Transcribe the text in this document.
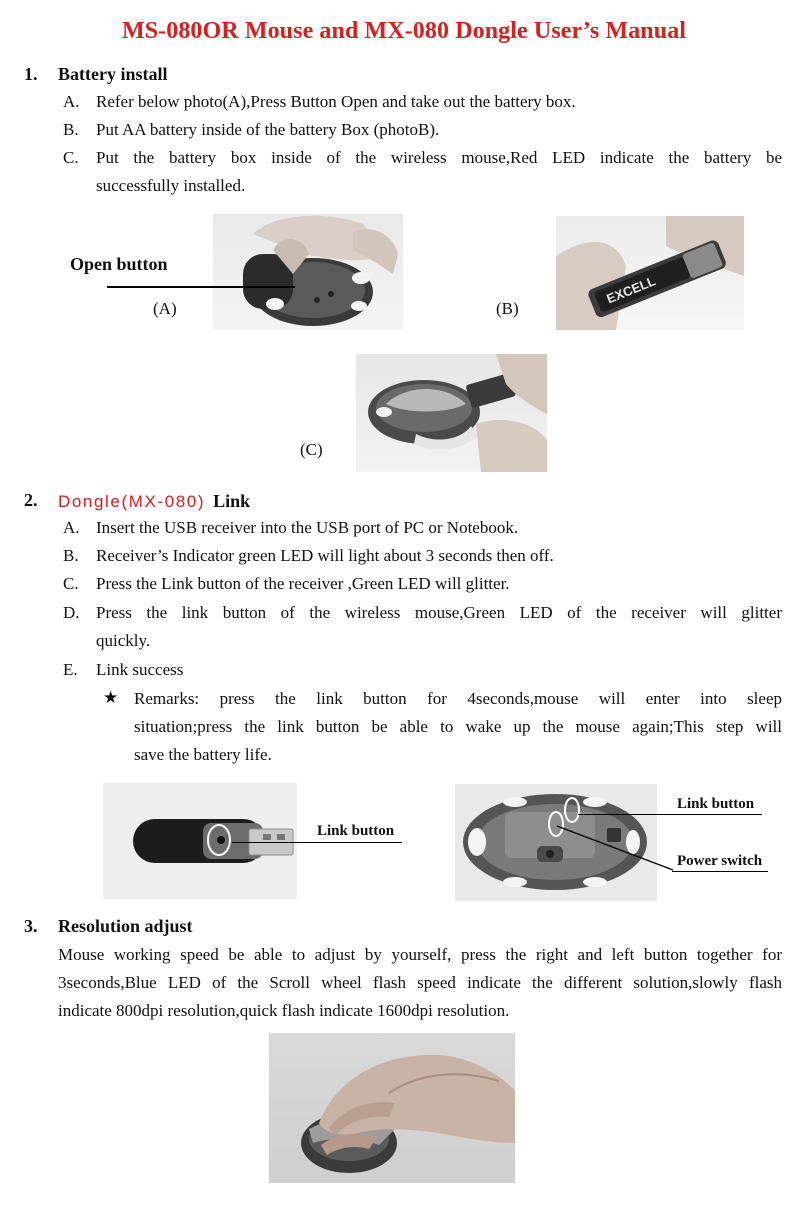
MS-080OR Mouse and MX-080 Dongle User’s Manual
1. Battery install
A. Refer below photo(A),Press Button Open and take out the battery box.
B. Put AA battery inside of the battery Box (photoB).
C. Put the battery box inside of the wireless mouse,Red LED indicate the battery be
successfully installed.
Open button
(A)	(B)
EXCELL
(C)
2. Dongle(MX-080) Link
A. Insert the USB receiver into the USB port of PC or Notebook.
B. Receiver’s Indicator green LED will light about 3 seconds then off.
C. Press the Link button of the receiver ,Green LED will glitter.
D. Press the link button of the wireless mouse,Green LED of the receiver will glitter
quickly.
E. Link success
★ Remarks: press the link button for 4seconds,mouse will enter into sleep
situation;press the link button be able to wake up the mouse again;This step will
save the battery life.
Link button
Link button
Power switch
3. Resolution adjust
Mouse working speed be able to adjust by yourself, press the right and left button together for
3seconds,Blue LED of the Scroll wheel flash speed indicate the different solution,slowly flash
indicate 800dpi resolution,quick flash indicate 1600dpi resolution.
